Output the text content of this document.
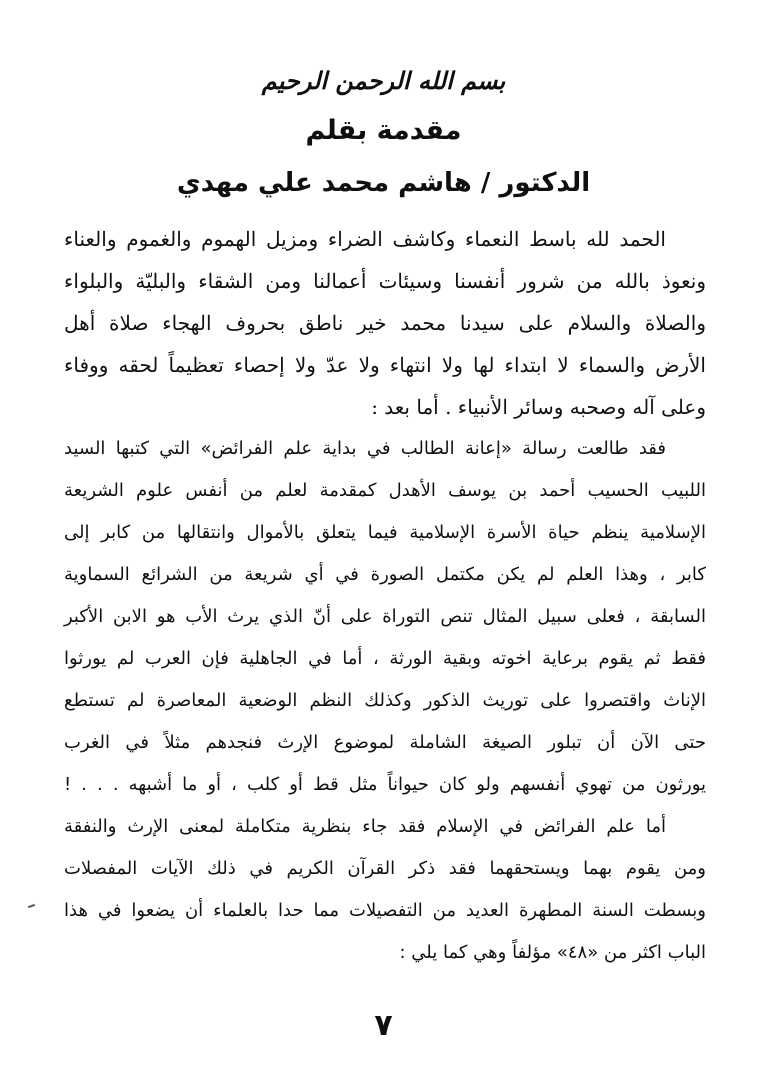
بسم الله الرحمن الرحيم
مقدمة بقلم
الدكتور / هاشم محمد علي مهدي
الحمد لله باسط النعماء وكاشف الضراء ومزيل الهموم والغموم والعناء
ونعوذ بالله من شرور أنفسنا وسيئات أعمالنا ومن الشقاء والبليّة والبلواء
والصلاة والسلام على سيدنا محمد خير ناطق بحروف الهجاء صلاة أهل
الأرض والسماء لا ابتداء لها ولا انتهاء ولا عدّ ولا إحصاء تعظيماً لحقه ووفاء
وعلى آله وصحبه وسائر الأنبياء . أما بعد :
فقد طالعت رسالة «إعانة الطالب في بداية علم الفرائض» التي كتبها السيد
اللبيب الحسيب أحمد بن يوسف الأهدل كمقدمة لعلم من أنفس علوم الشريعة
الإسلامية ينظم حياة الأسرة الإسلامية فيما يتعلق بالأموال وانتقالها من كابر إلى
كابر ، وهذا العلم لم يكن مكتمل الصورة في أي شريعة من الشرائع السماوية
السابقة ، فعلى سبيل المثال تنص التوراة على أنّ الذي يرث الأب هو الابن الأكبر
فقط ثم يقوم برعاية اخوته وبقية الورثة ، أما في الجاهلية فإن العرب لم يورثوا
الإناث واقتصروا على توريث الذكور وكذلك النظم الوضعية المعاصرة لم تستطع
حتى الآن أن تبلور الصيغة الشاملة لموضوع الإرث فنجدهم مثلاً في الغرب
يورثون من تهوي أنفسهم ولو كان حيواناً مثل قط أو كلب ، أو ما أشبهه . . . !
أما علم الفرائض في الإسلام فقد جاء بنظرية متكاملة لمعنى الإرث والنفقة
ومن يقوم بهما ويستحقهما فقد ذكر القرآن الكريم في ذلك الآيات المفصلات
وبسطت السنة المطهرة العديد من التفصيلات مما حدا بالعلماء أن يضعوا في هذا
الباب اكثر من «٤٨» مؤلفاً وهي كما يلي :
٧
